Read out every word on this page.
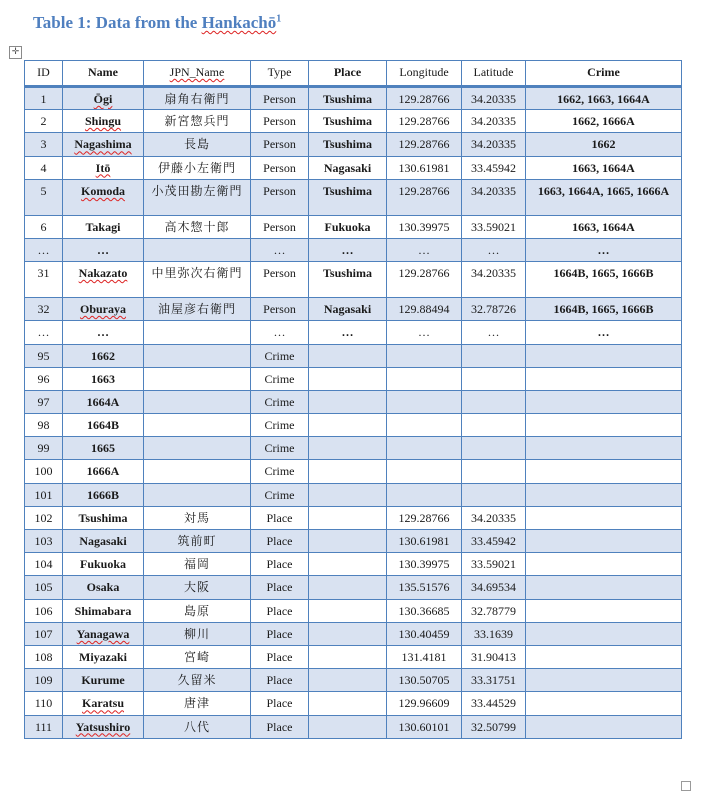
Table 1: Data from the Hankachō$^1$
✛
ID	Name	JPN_Name	Type	Place	Longitude	Latitude	Crime
1	Ōgi	扇角右衛門	Person	Tsushima	129.28766	34.20335	1662, 1663, 1664A
2	Shingu	新宮惣兵門	Person	Tsushima	129.28766	34.20335	1662, 1666A
3	Nagashima	長島	Person	Tsushima	129.28766	34.20335	1662
4	Itō	伊藤小左衛門	Person	Nagasaki	130.61981	33.45942	1663, 1664A
5	Komoda	小茂田勘左衛門	Person	Tsushima	129.28766	34.20335	1663, 1664A, 1665, 1666A
6	Takagi	高木惣十郎	Person	Fukuoka	130.39975	33.59021	1663, 1664A
…	…		…	…	…	…	…
31	Nakazato	中里弥次右衛門	Person	Tsushima	129.28766	34.20335	1664B, 1665, 1666B
32	Oburaya	油屋彦右衛門	Person	Nagasaki	129.88494	32.78726	1664B, 1665, 1666B
…	…		…	…	…	…	…
95	1662		Crime				
96	1663		Crime				
97	1664A		Crime				
98	1664B		Crime				
99	1665		Crime				
100	1666A		Crime				
101	1666B		Crime				
102	Tsushima	対馬	Place		129.28766	34.20335	
103	Nagasaki	筑前町	Place		130.61981	33.45942	
104	Fukuoka	福岡	Place		130.39975	33.59021	
105	Osaka	大阪	Place		135.51576	34.69534	
106	Shimabara	島原	Place		130.36685	32.78779	
107	Yanagawa	柳川	Place		130.40459	33.1639	
108	Miyazaki	宮崎	Place		131.4181	31.90413	
109	Kurume	久留米	Place		130.50705	33.31751	
110	Karatsu	唐津	Place		129.96609	33.44529	
111	Yatsushiro	八代	Place		130.60101	32.50799	
